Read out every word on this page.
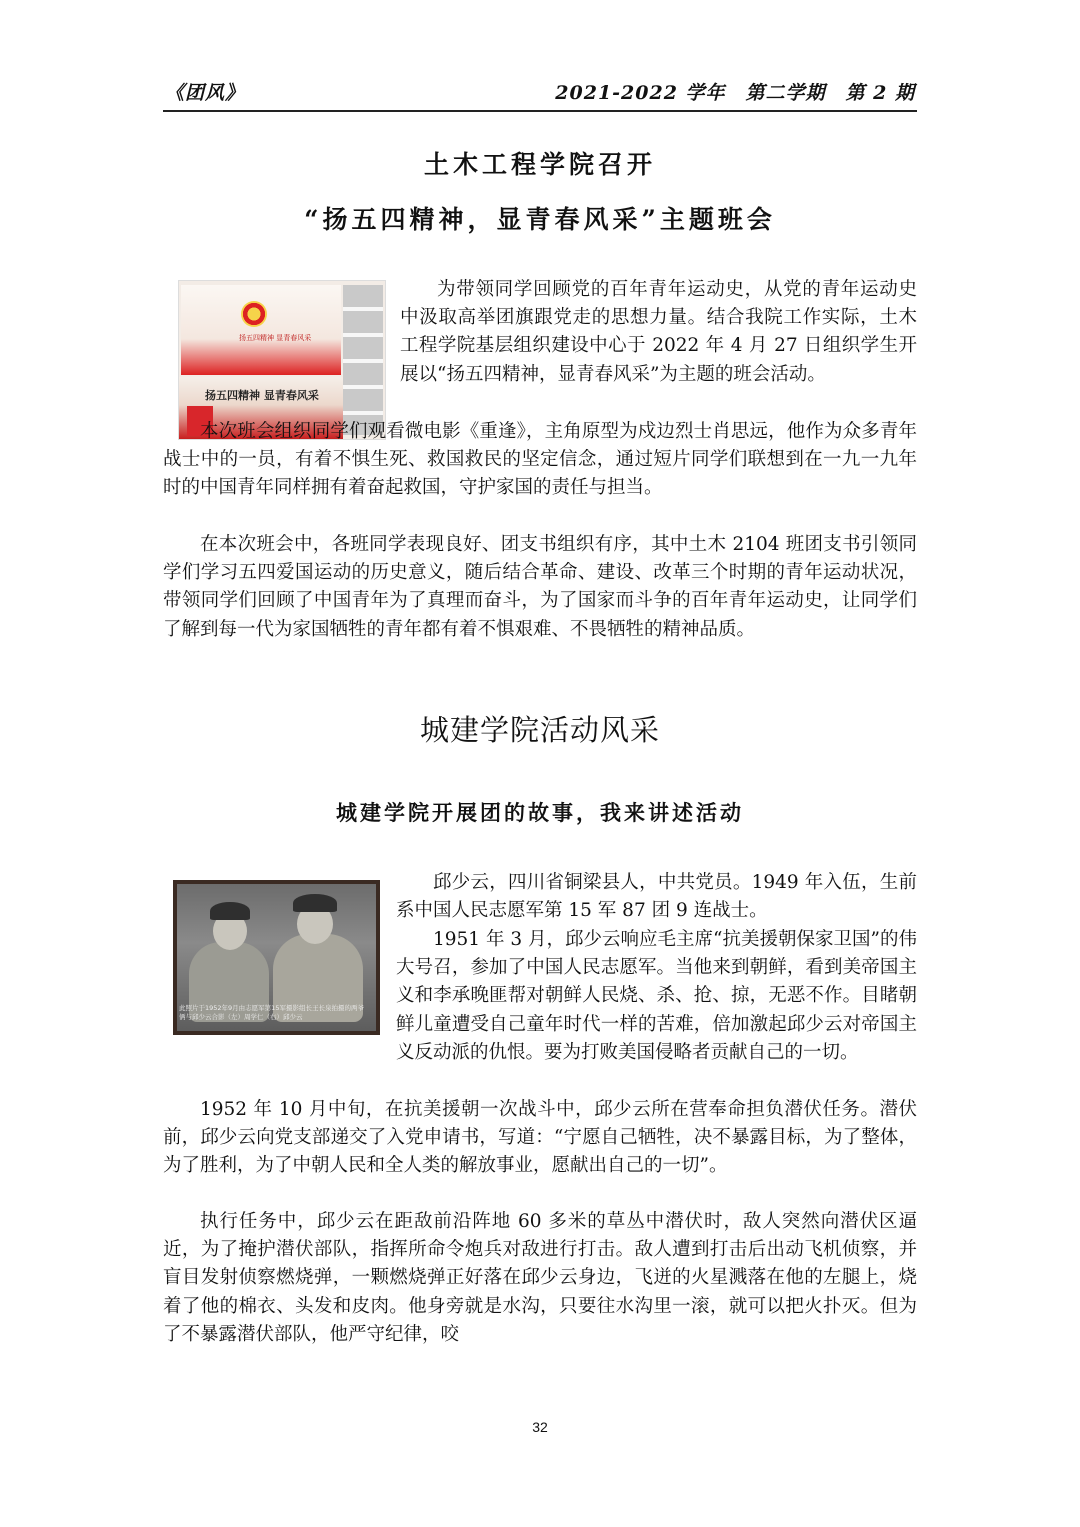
《团风》	2021-2022 学年　第二学期　第 2 期
土木工程学院召开
“扬五四精神，显青春风采”主题班会
扬五四精神 显青春风采
扬五四精神 显青春风采

为带领同学回顾党的百年青年运动史，从党的青年运动史中汲取高举团旗跟党走的思想力量。结合我院工作实际，土木工程学院基层组织建设中心于 2022 年 4 月 27 日组织学生开展以“扬五四精神，显青春风采”为主题的班会活动。

本次班会组织同学们观看微电影《重逢》，主角原型为戍边烈士肖思远，他作为众多青年战士中的一员，有着不惧生死、救国救民的坚定信念，通过短片同学们联想到在一九一九年时的中国青年同样拥有着奋起救国，守护家国的责任与担当。

在本次班会中，各班同学表现良好、团支书组织有序，其中土木 2104 班团支书引领同学们学习五四爱国运动的历史意义，随后结合革命、建设、改革三个时期的青年运动状况，带领同学们回顾了中国青年为了真理而奋斗，为了国家而斗争的百年青年运动史，让同学们了解到每一代为家国牺牲的青年都有着不惧艰难、不畏牺牲的精神品质。

城建学院活动风采
城建学院开展团的故事，我来讲述活动
此照片于1952年9月由志愿军第15军摄影组长王长泉拍摄的两爷俩与邱少云合影（左）周学仁（右）邱少云

邱少云，四川省铜梁县人，中共党员。1949 年入伍，生前系中国人民志愿军第 15 军 87 团 9 连战士。

1951 年 3 月，邱少云响应毛主席“抗美援朝保家卫国”的伟大号召，参加了中国人民志愿军。当他来到朝鲜，看到美帝国主义和李承晚匪帮对朝鲜人民烧、杀、抢、掠，无恶不作。目睹朝鲜儿童遭受自己童年时代一样的苦难，倍加激起邱少云对帝国主义反动派的仇恨。要为打败美国侵略者贡献自己的一切。

1952 年 10 月中旬，在抗美援朝一次战斗中，邱少云所在营奉命担负潜伏任务。潜伏前，邱少云向党支部递交了入党申请书，写道：“宁愿自己牺牲，决不暴露目标，为了整体，为了胜利，为了中朝人民和全人类的解放事业，愿献出自己的一切”。

执行任务中，邱少云在距敌前沿阵地 60 多米的草丛中潜伏时，敌人突然向潜伏区逼近，为了掩护潜伏部队，指挥所命令炮兵对敌进行打击。敌人遭到打击后出动飞机侦察，并盲目发射侦察燃烧弹，一颗燃烧弹正好落在邱少云身边，飞迸的火星溅落在他的左腿上，烧着了他的棉衣、头发和皮肉。他身旁就是水沟，只要往水沟里一滚，就可以把火扑灭。但为了不暴露潜伏部队，他严守纪律，咬

32
